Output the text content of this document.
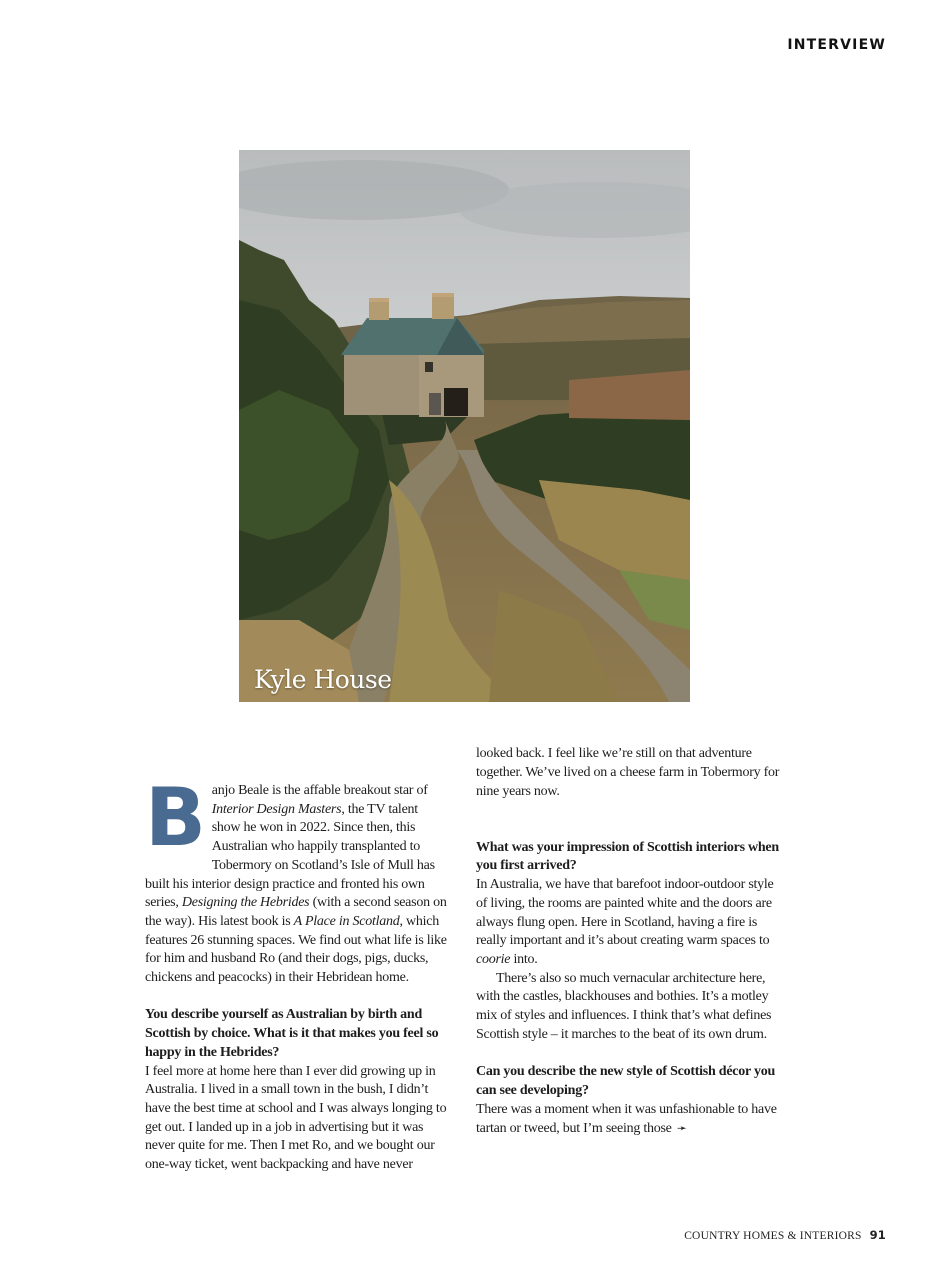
INTERVIEW
Kyle House

Banjo Beale is the affable breakout star of Interior Design Masters, the TV talent show he won in 2022. Since then, this Australian who happily transplanted to Tobermory on Scotland’s Isle of Mull has built his interior design practice and fronted his own series, Designing the Hebrides (with a second season on the way). His latest book is A Place in Scotland, which features 26 stunning spaces. We find out what life is like for him and husband Ro (and their dogs, pigs, ducks, chickens and peacocks) in their Hebridean home.

You describe yourself as Australian by birth and Scottish by choice. What is it that makes you feel so happy in the Hebrides?

I feel more at home here than I ever did growing up in Australia. I lived in a small town in the bush, I didn’t have the best time at school and I was always longing to get out. I landed up in a job in advertising but it was never quite for me. Then I met Ro, and we bought our one-way ticket, went backpacking and have never

looked back. I feel like we’re still on that adventure together. We’ve lived on a cheese farm in Tobermory for nine years now.

What was your impression of Scottish interiors when you first arrived?

In Australia, we have that barefoot indoor-outdoor style of living, the rooms are painted white and the doors are always flung open. Here in Scotland, having a fire is really important and it’s about creating warm spaces to coorie into.

There’s also so much vernacular architecture here, with the castles, blackhouses and bothies. It’s a motley mix of styles and influences. I think that’s what defines Scottish style – it marches to the beat of its own drum.

Can you describe the new style of Scottish décor you can see developing?

There was a moment when it was unfashionable to have tartan or tweed, but I’m seeing those ➛

COUNTRY HOMES & INTERIORS 91
